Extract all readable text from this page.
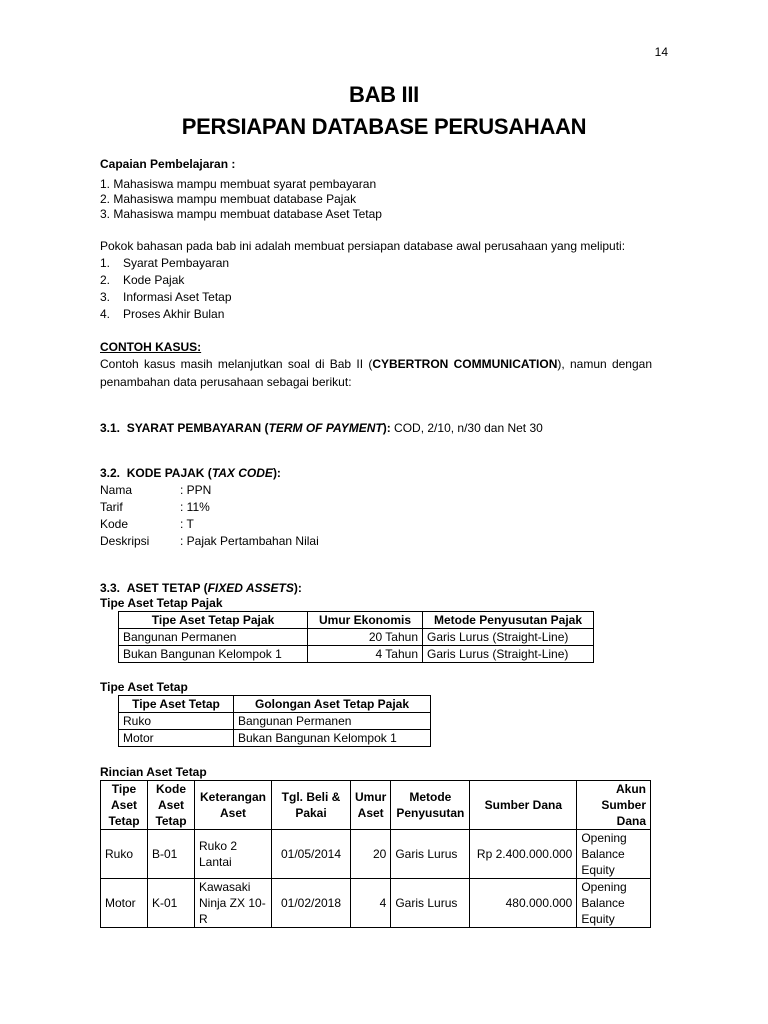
14
BAB III
PERSIAPAN DATABASE PERUSAHAAN

Capaian Pembelajaran :

1. Mahasiswa mampu membuat syarat pembayaran

2. Mahasiswa mampu membuat database Pajak

3. Mahasiswa mampu membuat database Aset Tetap

Pokok bahasan pada bab ini adalah membuat persiapan database awal perusahaan yang meliputi:

1.	Syarat Pembayaran
2.	Kode Pajak
3.	Informasi Aset Tetap
4.	Proses Akhir Bulan

CONTOH KASUS:

Contoh kasus masih melanjutkan soal di Bab II (CYBERTRON COMMUNICATION), namun dengan penambahan data perusahaan sebagai berikut:

3.1. SYARAT PEMBAYARAN (TERM OF PAYMENT): COD, 2/10, n/30 dan Net 30

3.2. KODE PAJAK (TAX CODE):

Nama	: PPN
Tarif	: 11%
Kode	: T
Deskripsi	: Pajak Pertambahan Nilai

3.3. ASET TETAP (FIXED ASSETS):

Tipe Aset Tetap Pajak

Tipe Aset Tetap Pajak	Umur Ekonomis	Metode Penyusutan Pajak
Bangunan Permanen	20 Tahun	Garis Lurus (Straight-Line)
Bukan Bangunan Kelompok 1	4 Tahun	Garis Lurus (Straight-Line)

Tipe Aset Tetap

Tipe Aset Tetap	Golongan Aset Tetap Pajak
Ruko	Bangunan Permanen
Motor	Bukan Bangunan Kelompok 1

Rincian Aset Tetap

Tipe Aset Tetap	Kode Aset Tetap	Keterangan Aset	Tgl. Beli & Pakai	Umur Aset	Metode Penyusutan	Sumber Dana	Akun Sumber Dana
Ruko	B-01	Ruko 2 Lantai	01/05/2014	20	Garis Lurus	Rp 2.400.000.000	Opening Balance Equity
Motor	K-01	Kawasaki Ninja ZX 10-R	01/02/2018	4	Garis Lurus	480.000.000	Opening Balance Equity
